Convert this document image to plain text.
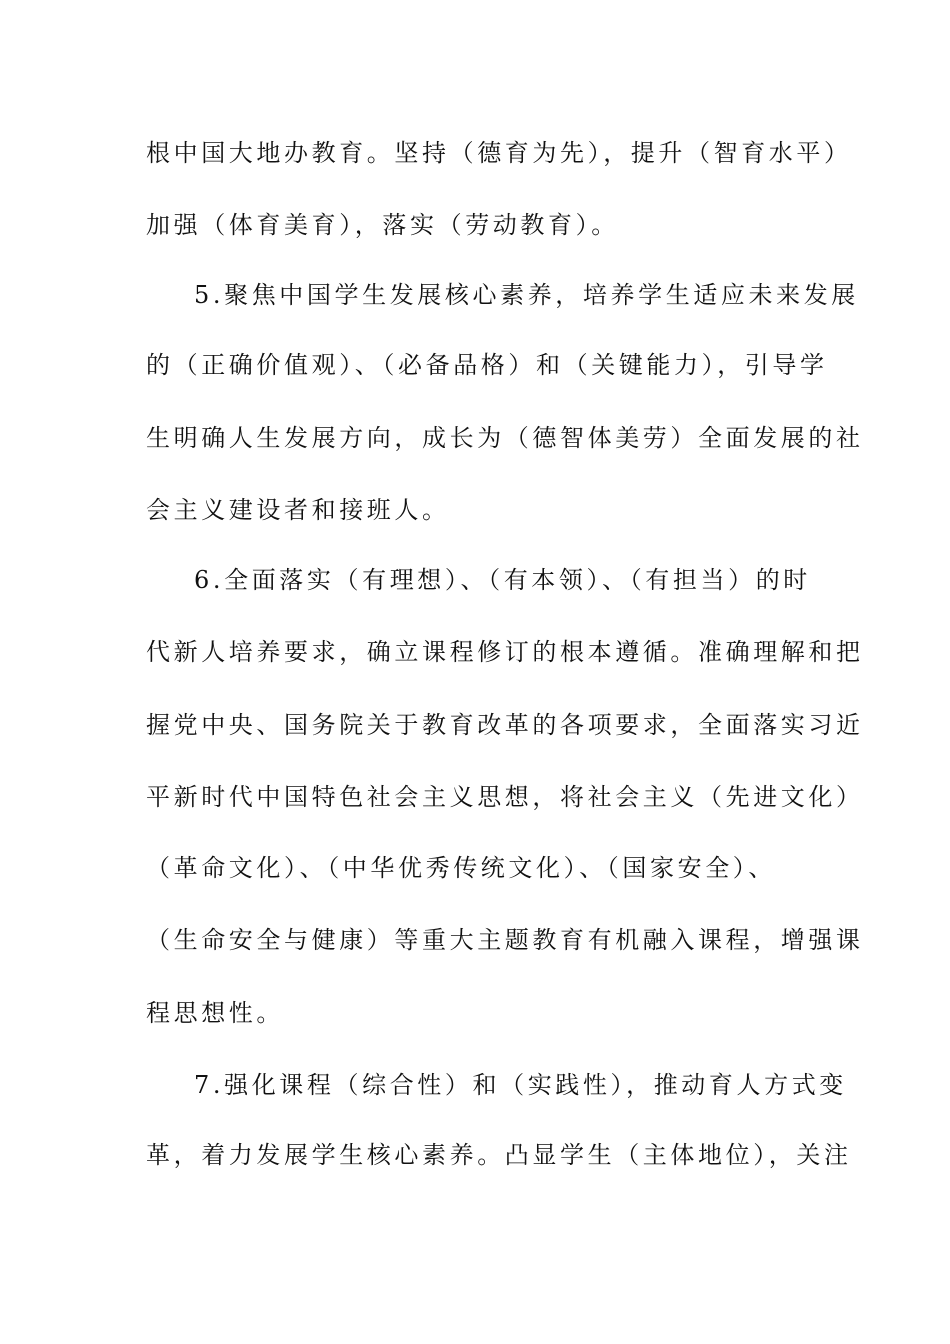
根中国大地办教育。坚持（德育为先），提升（智育水平）
加强（体育美育），落实（劳动教育）。
5.聚焦中国学生发展核心素养，培养学生适应未来发展
的（正确价值观）、（必备品格）和（关键能力），引导学
生明确人生发展方向，成长为（德智体美劳）全面发展的社
会主义建设者和接班人。
6.全面落实（有理想）、（有本领）、（有担当）的时
代新人培养要求，确立课程修订的根本遵循。准确理解和把
握党中央、国务院关于教育改革的各项要求，全面落实习近
平新时代中国特色社会主义思想，将社会主义（先进文化）
（革命文化）、（中华优秀传统文化）、（国家安全）、
（生命安全与健康）等重大主题教育有机融入课程，增强课
程思想性。
7.强化课程（综合性）和（实践性），推动育人方式变
革，着力发展学生核心素养。凸显学生（主体地位），关注
